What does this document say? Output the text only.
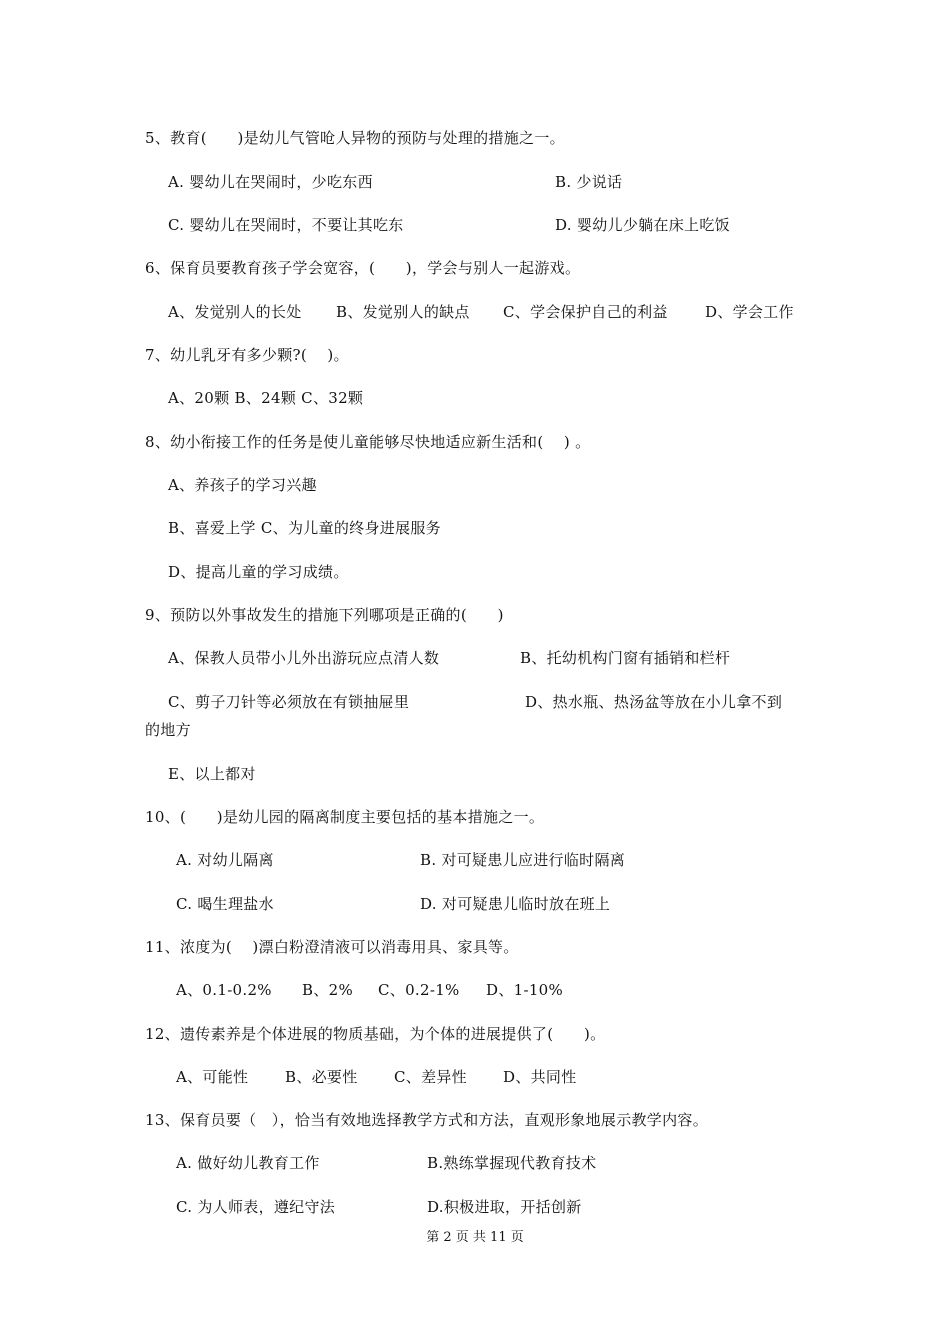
5、教育(　　)是幼儿气管呛人异物的预防与处理的措施之一。
A. 婴幼儿在哭闹时，少吃东西	B. 少说话
C. 婴幼儿在哭闹时，不要让其吃东	D. 婴幼儿少躺在床上吃饭
6、保育员要教育孩子学会宽容，(　　)，学会与别人一起游戏。
A、发觉别人的长处 B、发觉别人的缺点 C、学会保护自己的利益 D、学会工作
7、幼儿乳牙有多少颗?(　 )。
A、20颗 B、24颗 C、32颗
8、幼小衔接工作的任务是使儿童能够尽快地适应新生活和(　 ) 。
A、养孩子的学习兴趣
B、喜爱上学 C、为儿童的终身进展服务
D、提高儿童的学习成绩。
9、预防以外事故发生的措施下列哪项是正确的(　　)
A、保教人员带小儿外出游玩应点清人数	B、托幼机构门窗有插销和栏杆
C、剪子刀针等必须放在有锁抽屉里	D、热水瓶、热汤盆等放在小儿拿不到
的地方
E、以上都对
10、(　　)是幼儿园的隔离制度主要包括的基本措施之一。
A. 对幼儿隔离	B. 对可疑患儿应进行临时隔离
C. 喝生理盐水	D. 对可疑患儿临时放在班上
11、浓度为(　 )漂白粉澄清液可以消毒用具、家具等。
A、0.1-0.2% B、2% C、0.2-1% D、1-10%
12、遗传素养是个体进展的物质基础，为个体的进展提供了(　　)。
A、可能性 B、必要性 C、差异性 D、共同性
13、保育员要（　），恰当有效地选择教学方式和方法，直观形象地展示教学内容。
A. 做好幼儿教育工作	B.熟练掌握现代教育技术
C. 为人师表，遵纪守法	D.积极进取，开括创新
第 2 页 共 11 页
